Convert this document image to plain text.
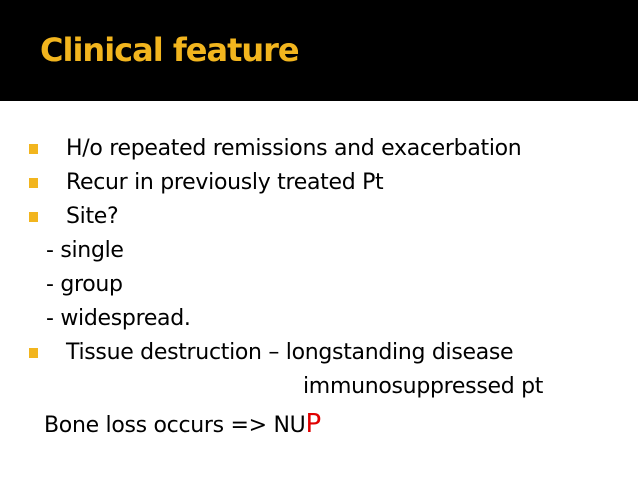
Clinical feature
H/o repeated remissions and exacerbation
Recur in previously treated Pt
Site?
- single
- group
- widespread.
Tissue destruction – longstanding disease
immunosuppressed pt
Bone loss occurs => NUP
